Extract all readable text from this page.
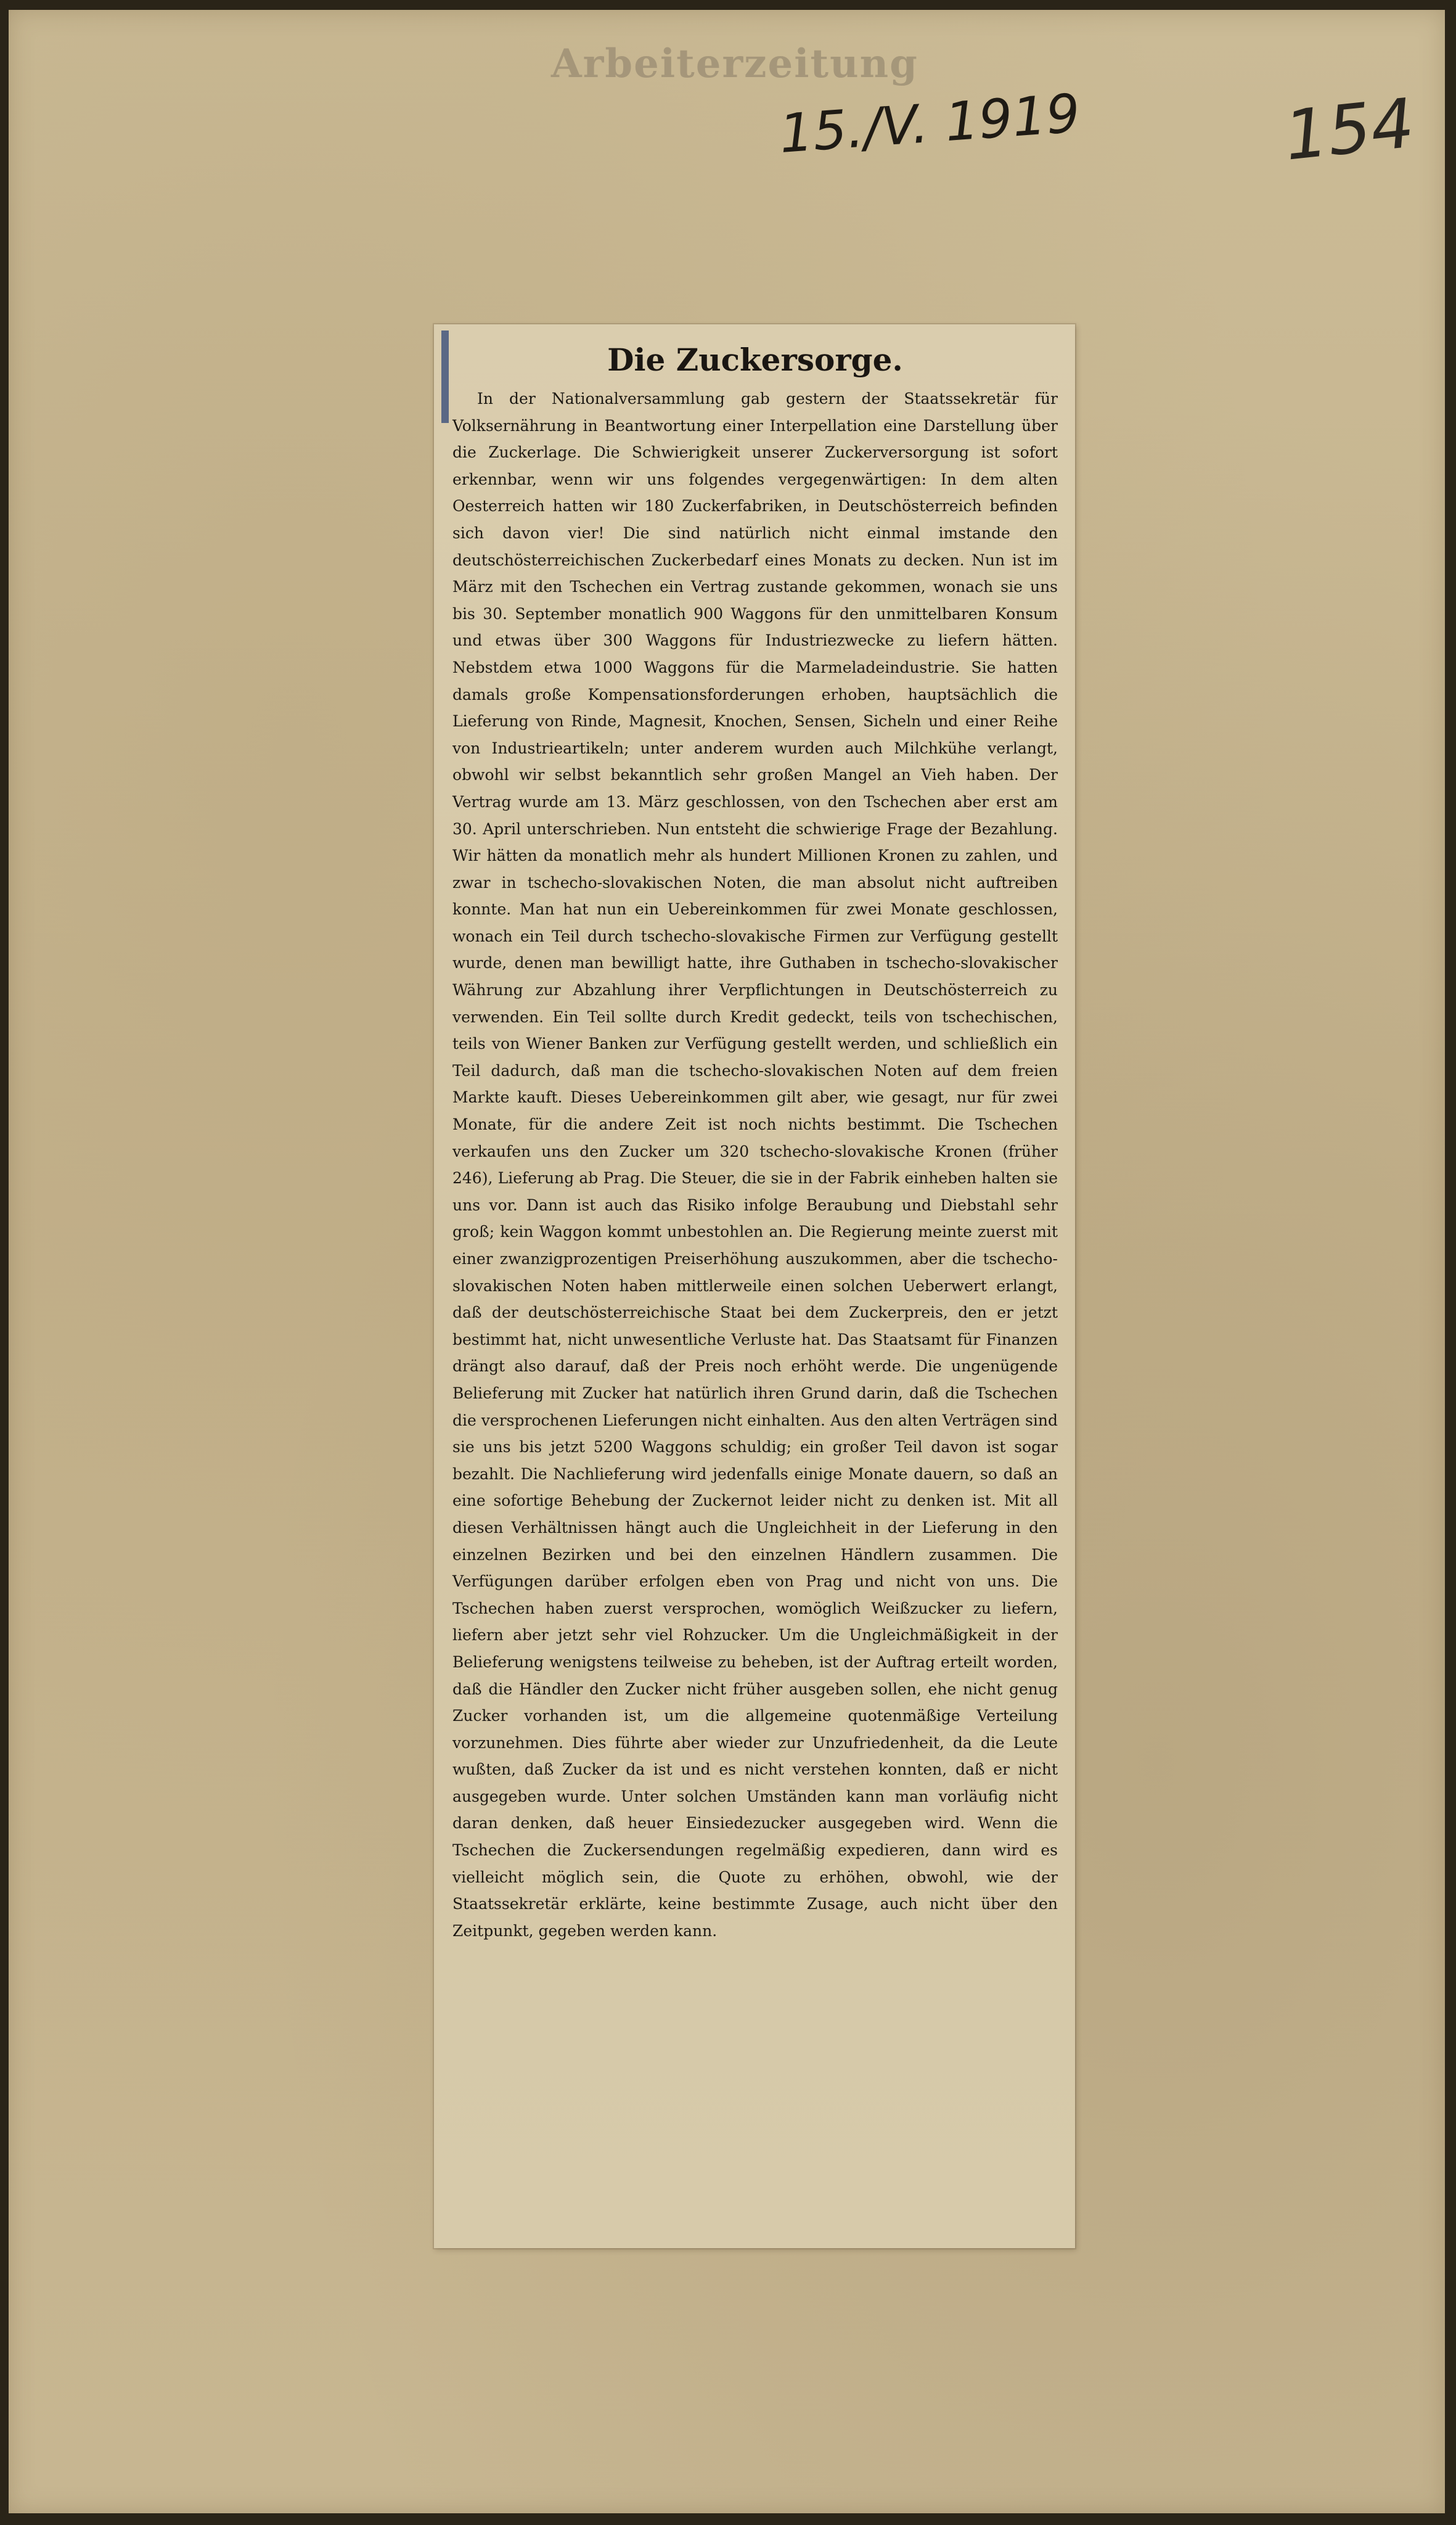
Arbeiterzeitung
15./V. 1919	154
Die Zuckersorge.

In der Nationalversammlung gab gestern der Staatssekretär für Volksernährung in Beantwortung einer Interpellation eine Darstellung über die Zuckerlage. Die Schwierigkeit unserer Zuckerversorgung ist sofort erkennbar, wenn wir uns folgendes vergegenwärtigen: In dem alten Oesterreich hatten wir 180 Zuckerfabriken, in Deutschösterreich befinden sich davon vier! Die sind natürlich nicht einmal imstande den deutschösterreichischen Zuckerbedarf eines Monats zu decken. Nun ist im März mit den Tschechen ein Vertrag zustande gekommen, wonach sie uns bis 30. September monatlich 900 Waggons für den unmittelbaren Konsum und etwas über 300 Waggons für Industriezwecke zu liefern hätten. Nebstdem etwa 1000 Waggons für die Marmeladeindustrie. Sie hatten damals große Kompensationsforderungen erhoben, hauptsächlich die Lieferung von Rinde, Magnesit, Knochen, Sensen, Sicheln und einer Reihe von Industrieartikeln; unter anderem wurden auch Milchkühe verlangt, obwohl wir selbst bekanntlich sehr großen Mangel an Vieh haben. Der Vertrag wurde am 13. März geschlossen, von den Tschechen aber erst am 30. April unterschrieben. Nun entsteht die schwierige Frage der Bezahlung. Wir hätten da monatlich mehr als hundert Millionen Kronen zu zahlen, und zwar in tschecho-slovakischen Noten, die man absolut nicht auftreiben konnte. Man hat nun ein Uebereinkommen für zwei Monate geschlossen, wonach ein Teil durch tschecho-slovakische Firmen zur Verfügung gestellt wurde, denen man bewilligt hatte, ihre Guthaben in tschecho-slovakischer Währung zur Abzahlung ihrer Verpflichtungen in Deutschösterreich zu verwenden. Ein Teil sollte durch Kredit gedeckt, teils von tschechischen, teils von Wiener Banken zur Verfügung gestellt werden, und schließlich ein Teil dadurch, daß man die tschecho-slovakischen Noten auf dem freien Markte kauft. Dieses Uebereinkommen gilt aber, wie gesagt, nur für zwei Monate, für die andere Zeit ist noch nichts bestimmt. Die Tschechen verkaufen uns den Zucker um 320 tschecho-slovakische Kronen (früher 246), Lieferung ab Prag. Die Steuer, die sie in der Fabrik einheben halten sie uns vor. Dann ist auch das Risiko infolge Beraubung und Diebstahl sehr groß; kein Waggon kommt unbestohlen an. Die Regierung meinte zuerst mit einer zwanzigprozentigen Preiserhöhung auszukommen, aber die tschecho-slovakischen Noten haben mittlerweile einen solchen Ueberwert erlangt, daß der deutschösterreichische Staat bei dem Zuckerpreis, den er jetzt bestimmt hat, nicht unwesentliche Verluste hat. Das Staatsamt für Finanzen drängt also darauf, daß der Preis noch erhöht werde. Die ungenügende Belieferung mit Zucker hat natürlich ihren Grund darin, daß die Tschechen die versprochenen Lieferungen nicht einhalten. Aus den alten Verträgen sind sie uns bis jetzt 5200 Waggons schuldig; ein großer Teil davon ist sogar bezahlt. Die Nachlieferung wird jedenfalls einige Monate dauern, so daß an eine sofortige Behebung der Zuckernot leider nicht zu denken ist. Mit all diesen Verhältnissen hängt auch die Ungleichheit in der Lieferung in den einzelnen Bezirken und bei den einzelnen Händlern zusammen. Die Verfügungen darüber erfolgen eben von Prag und nicht von uns. Die Tschechen haben zuerst versprochen, womöglich Weißzucker zu liefern, liefern aber jetzt sehr viel Rohzucker. Um die Ungleichmäßigkeit in der Belieferung wenigstens teilweise zu beheben, ist der Auftrag erteilt worden, daß die Händler den Zucker nicht früher ausgeben sollen, ehe nicht genug Zucker vorhanden ist, um die allgemeine quotenmäßige Verteilung vorzunehmen. Dies führte aber wieder zur Unzufriedenheit, da die Leute wußten, daß Zucker da ist und es nicht verstehen konnten, daß er nicht ausgegeben wurde. Unter solchen Umständen kann man vorläufig nicht daran denken, daß heuer Einsiedezucker ausgegeben wird. Wenn die Tschechen die Zuckersendungen regelmäßig expedieren, dann wird es vielleicht möglich sein, die Quote zu erhöhen, obwohl, wie der Staatssekretär erklärte, keine bestimmte Zusage, auch nicht über den Zeitpunkt, gegeben werden kann.
